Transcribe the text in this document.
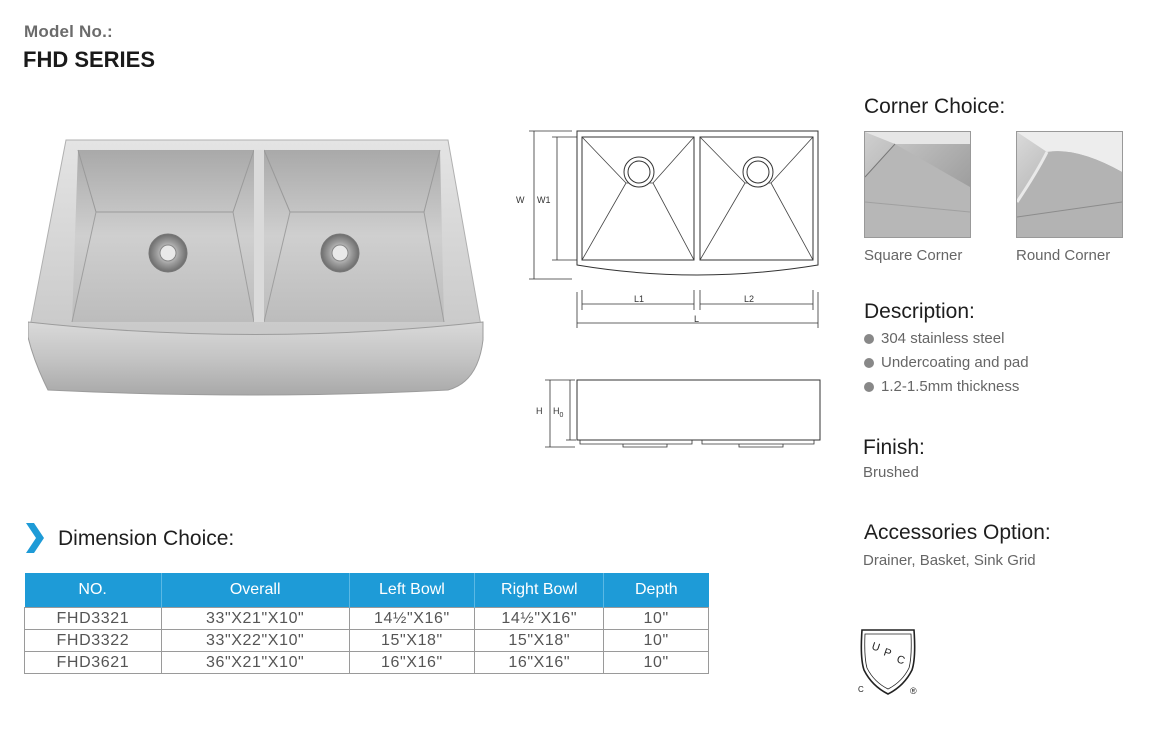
Model No.:
FHD SERIES
W W1
L1	L2
L
H $H_0$
Corner Choice:
Square Corner	Round Corner
Description:
304 stainless steel
Undercoating and pad
1.2-1.5mm thickness
Finish:
Brushed
Accessories Option:
Drainer, Basket, Sink Grid
U P
C
C	®
Dimension Choice:
NO.	Overall	Left Bowl	Right Bowl	Depth
FHD3321	33"X21"X10"	14½"X16"	14½"X16"	10"
FHD3322	33"X22"X10"	15"X18"	15"X18"	10"
FHD3621	36"X21"X10"	16"X16"	16"X16"	10"
